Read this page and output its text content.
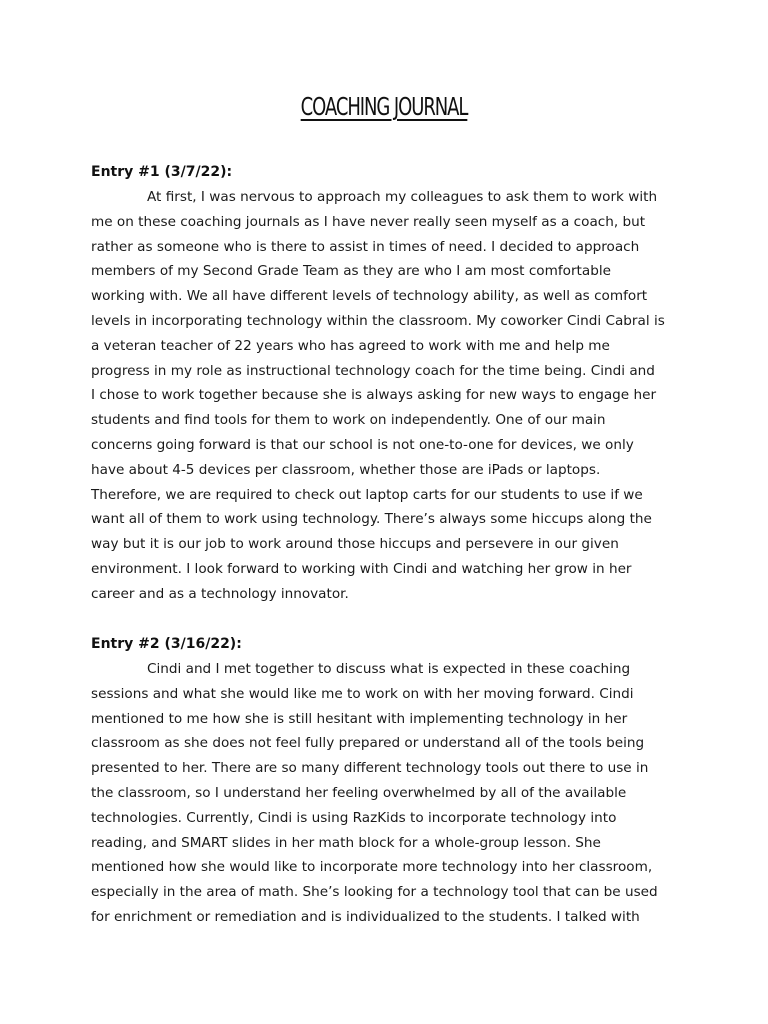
COACHING JOURNAL
Entry #1 (3/7/22):
At first, I was nervous to approach my colleagues to ask them to work with
me on these coaching journals as I have never really seen myself as a coach, but
rather as someone who is there to assist in times of need. I decided to approach
members of my Second Grade Team as they are who I am most comfortable
working with. We all have different levels of technology ability, as well as comfort
levels in incorporating technology within the classroom. My coworker Cindi Cabral is
a veteran teacher of 22 years who has agreed to work with me and help me
progress in my role as instructional technology coach for the time being. Cindi and
I chose to work together because she is always asking for new ways to engage her
students and find tools for them to work on independently. One of our main
concerns going forward is that our school is not one-to-one for devices, we only
have about 4-5 devices per classroom, whether those are iPads or laptops.
Therefore, we are required to check out laptop carts for our students to use if we
want all of them to work using technology. There’s always some hiccups along the
way but it is our job to work around those hiccups and persevere in our given
environment. I look forward to working with Cindi and watching her grow in her
career and as a technology innovator.
Entry #2 (3/16/22):
Cindi and I met together to discuss what is expected in these coaching
sessions and what she would like me to work on with her moving forward. Cindi
mentioned to me how she is still hesitant with implementing technology in her
classroom as she does not feel fully prepared or understand all of the tools being
presented to her. There are so many different technology tools out there to use in
the classroom, so I understand her feeling overwhelmed by all of the available
technologies. Currently, Cindi is using RazKids to incorporate technology into
reading, and SMART slides in her math block for a whole-group lesson. She
mentioned how she would like to incorporate more technology into her classroom,
especially in the area of math. She’s looking for a technology tool that can be used
for enrichment or remediation and is individualized to the students. I talked with
